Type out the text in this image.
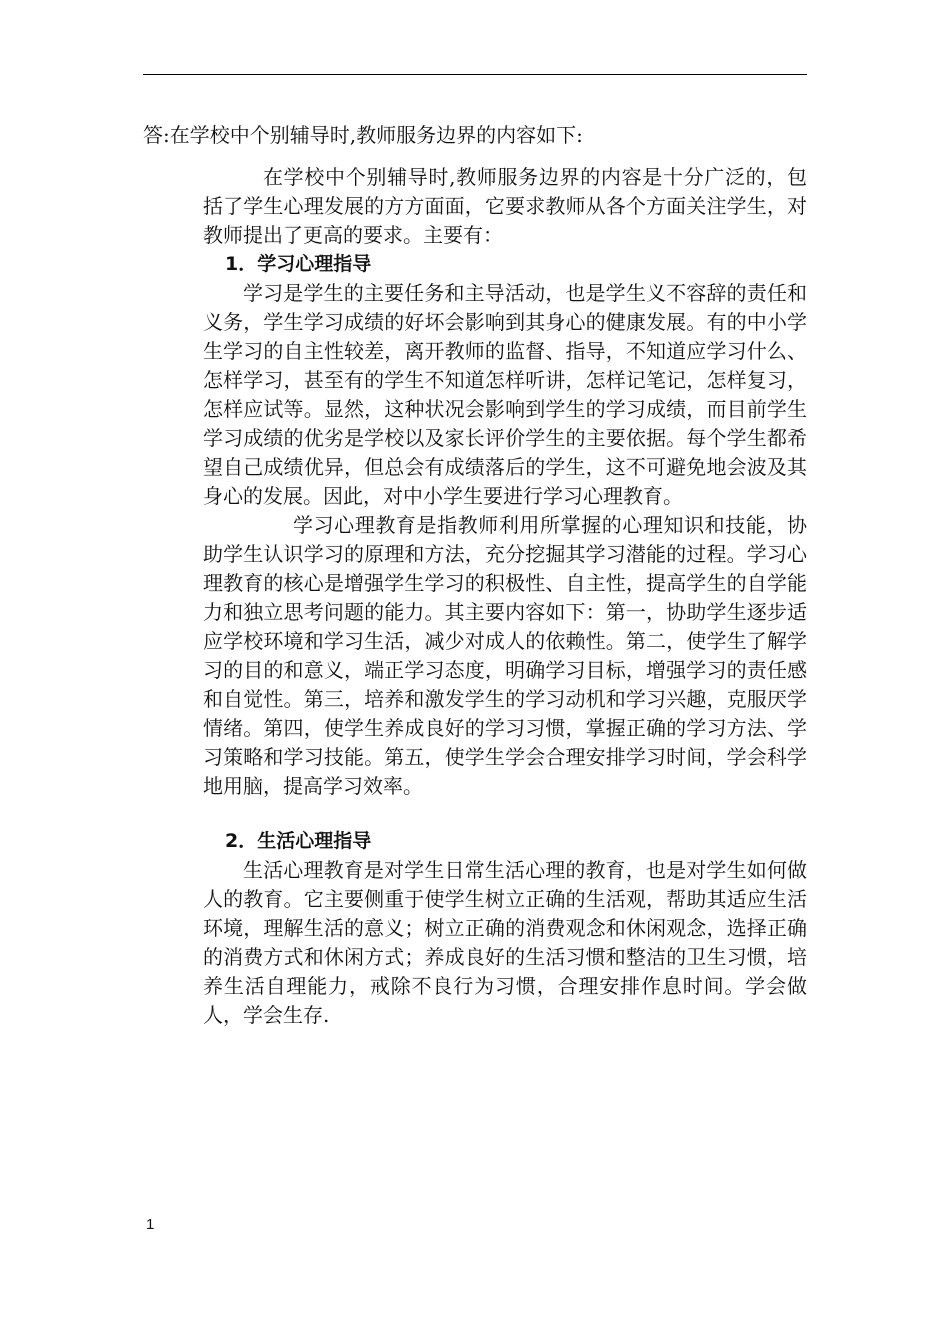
答:在学校中个别辅导时,教师服务边界的内容如下:

在学校中个别辅导时,教师服务边界的内容是十分广泛的，包括了学生心理发展的方方面面，它要求教师从各个方面关注学生，对教师提出了更高的要求。主要有：

1．学习心理指导

学习是学生的主要任务和主导活动，也是学生义不容辞的责任和义务，学生学习成绩的好坏会影响到其身心的健康发展。有的中小学生学习的自主性较差，离开教师的监督、指导，不知道应学习什么、怎样学习，甚至有的学生不知道怎样听讲，怎样记笔记，怎样复习，怎样应试等。显然，这种状况会影响到学生的学习成绩，而目前学生学习成绩的优劣是学校以及家长评价学生的主要依据。每个学生都希望自己成绩优异，但总会有成绩落后的学生，这不可避免地会波及其身心的发展。因此，对中小学生要进行学习心理教育。

学习心理教育是指教师利用所掌握的心理知识和技能，协助学生认识学习的原理和方法，充分挖掘其学习潜能的过程。学习心理教育的核心是增强学生学习的积极性、自主性，提高学生的自学能力和独立思考问题的能力。其主要内容如下：第一，协助学生逐步适应学校环境和学习生活，减少对成人的依赖性。第二，使学生了解学习的目的和意义，端正学习态度，明确学习目标，增强学习的责任感和自觉性。第三，培养和激发学生的学习动机和学习兴趣，克服厌学情绪。第四，使学生养成良好的学习习惯，掌握正确的学习方法、学习策略和学习技能。第五，使学生学会合理安排学习时间，学会科学地用脑，提高学习效率。

2．生活心理指导

生活心理教育是对学生日常生活心理的教育，也是对学生如何做人的教育。它主要侧重于使学生树立正确的生活观，帮助其适应生活环境，理解生活的意义；树立正确的消费观念和休闲观念，选择正确的消费方式和休闲方式；养成良好的生活习惯和整洁的卫生习惯，培养生活自理能力，戒除不良行为习惯，合理安排作息时间。学会做人，学会生存.

1
